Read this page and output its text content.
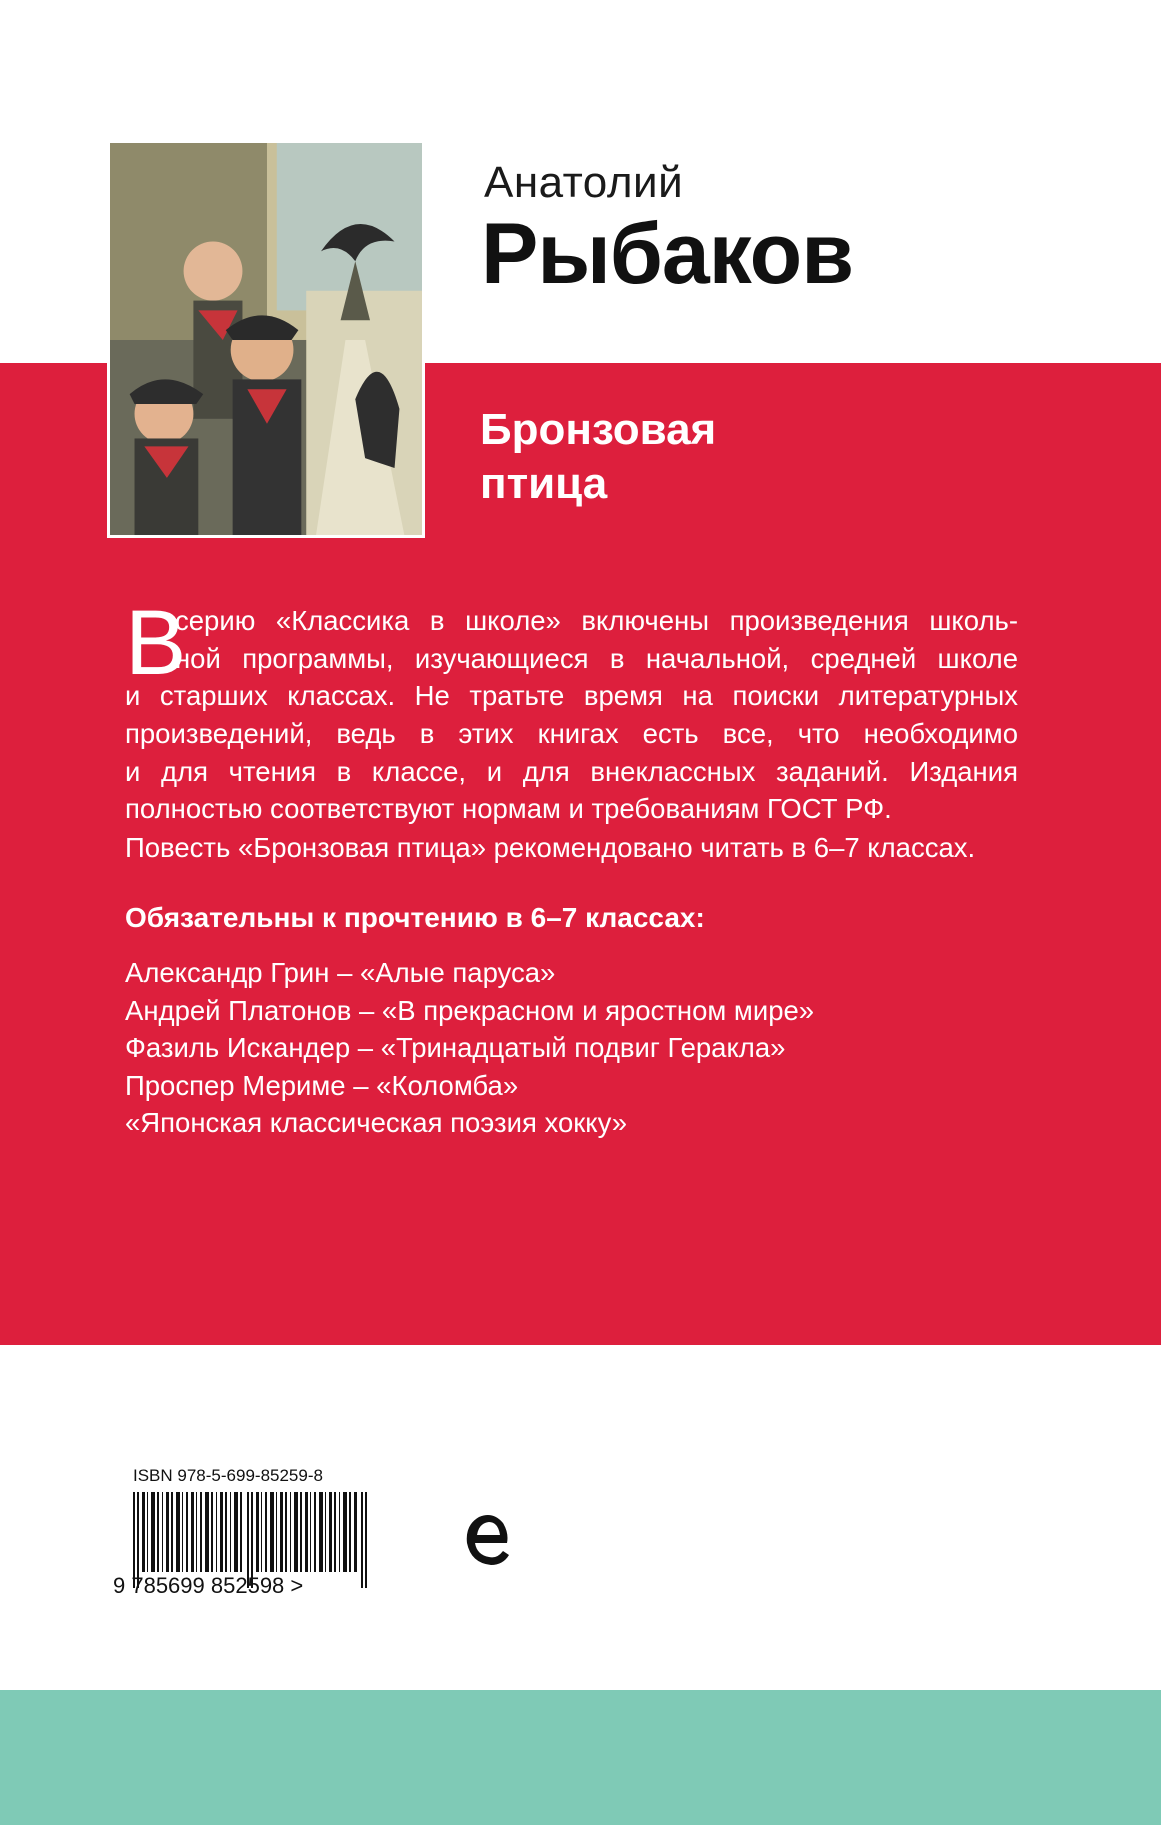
Анатолий
Рыбаков
Бронзовая
птица
В
серию «Классика в школе» включены произведения школь-
ной программы, изучающиеся в начальной, средней школе
и старших классах. Не тратьте время на поиски литературных
произведений, ведь в этих книгах есть все, что необходимо
и для чтения в классе, и для внеклассных заданий. Издания
полностью соответствуют нормам и требованиям ГОСТ РФ.
Повесть «Бронзовая птица» рекомендовано читать в 6–7 классах.
Обязательны к прочтению в 6–7 классах:
Александр Грин – «Алые паруса»
Андрей Платонов – «В прекрасном и яростном мире»
Фазиль Искандер – «Тринадцатый подвиг Геракла»
Проспер Мериме – «Коломба»
«Японская классическая поэзия хокку»
ISBN 978-5-699-85259-8
9 785699 852598 >
